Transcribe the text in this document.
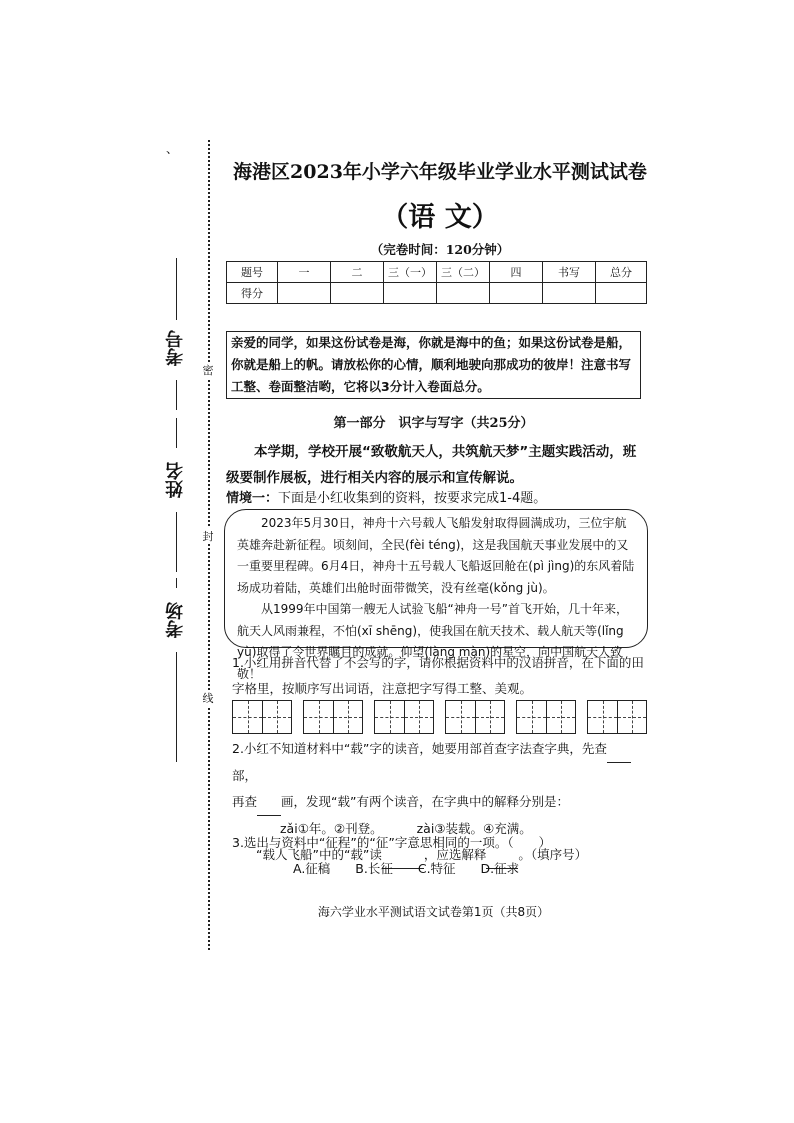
、
考号
姓名
考场
密
封
线
海港区2023年小学六年级毕业学业水平测试试卷
（语 文）
（完卷时间：120分钟）
题号	一	二	三（一）	三（二）	四	书写	总分
得分							

亲爱的同学，如果这份试卷是海，你就是海中的鱼；如果这份试卷是船，你就是船上的帆。请放松你的心情，顺利地驶向那成功的彼岸！注意书写工整、卷面整洁哟，它将以3分计入卷面总分。

第一部分　识字与写字（共25分）
本学期，学校开展“致敬航天人，共筑航天梦”主题实践活动，班级要制作展板，进行相关内容的展示和宣传解说。
情境一：下面是小红收集到的资料，按要求完成1-4题。

2023年5月30日，神舟十六号载人飞船发射取得圆满成功，三位宇航英雄奔赴新征程。顷刻间，全民(fèi téng)，这是我国航天事业发展中的又一重要里程碑。6月4日，神舟十五号载人飞船返回舱在(pì jìng)的东风着陆场成功着陆，英雄们出舱时面带微笑，没有丝毫(kǒng jù)。

从1999年中国第一艘无人试验飞船“神舟一号”首飞开始，几十年来，航天人风雨兼程，不怕(xī shēng)，使我国在航天技术、载人航天等(lǐng yù)取得了令世界瞩目的成就。仰望(làng màn)的星空，向中国航天人致敬！

1.小红用拼音代替了不会写的字，请你根据资料中的汉语拼音，在下面的田字格里，按顺序写出词语，注意把字写得工整、美观。
2.小红不知道材料中“载”字的读音，她要用部首查字法查字典，先查 部，
再查 画，发现“载”有两个读音，在字典中的解释分别是：
zǎi①年。②刊登。	zài③装载。④充满。
“载人飞船”中的“载”读	，应选解释	。（填序号）
3.选出与资料中“征程”的“征”字意思相同的一项。（　　）
A.征稿　　B.长征　　C.特征　　D.征求
海六学业水平测试语文试卷第1页（共8页）
